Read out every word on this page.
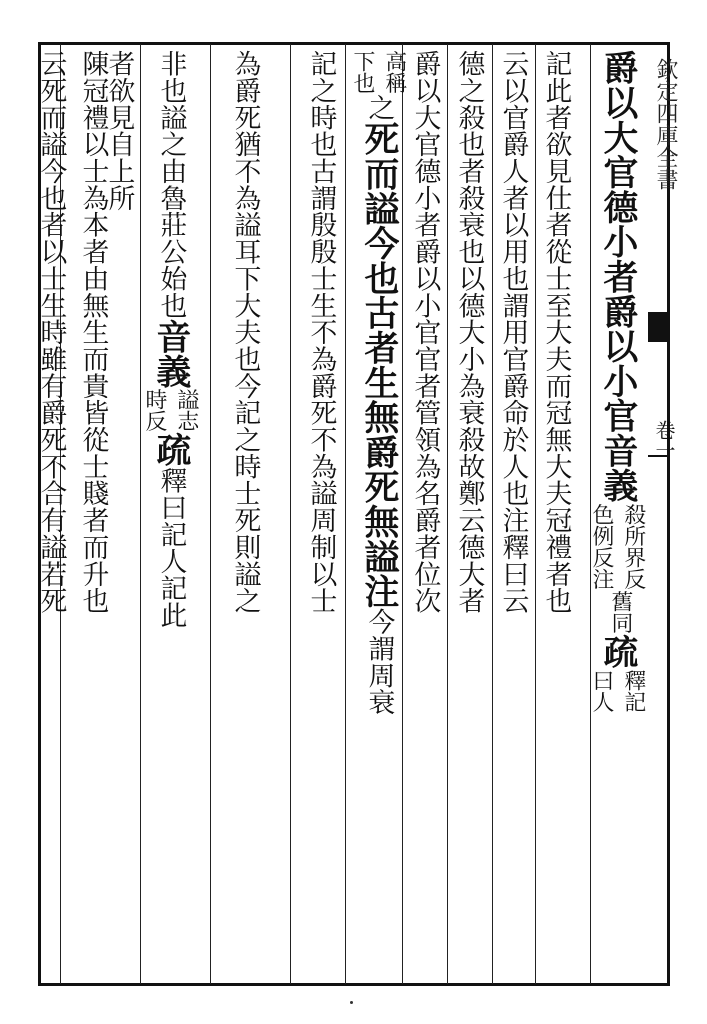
欽定四庫全書
卷一
爵以大官德小者爵以小官音義
殺所
色例
界反
反注
舊同
疏
釋記
曰人
記此者欲見仕者從士至大夫而冠無大夫冠禮者也
云以官爵人者以用也謂用官爵命於人也注釋曰云
德之殺也者殺衰也以德大小為衰殺故鄭云德大者
爵以大官德小者爵以小官官者管領為名爵者位次
高稱
下也
之
死而謚今也古者生無爵死無謚注
今謂周衰
記之時也古謂殷殷士生不為爵死不為謚周制以士
為爵死猶不為謚耳下大夫也今記之時士死則謚之
非也謚之由魯莊公始也
音義
謚志
時反
疏
釋曰記人記此
者欲見自上所
陳冠禮以士為本者由無生而貴皆從士賤者而升也
云死而謚今也者以士生時雖有爵死不合有謚若死
